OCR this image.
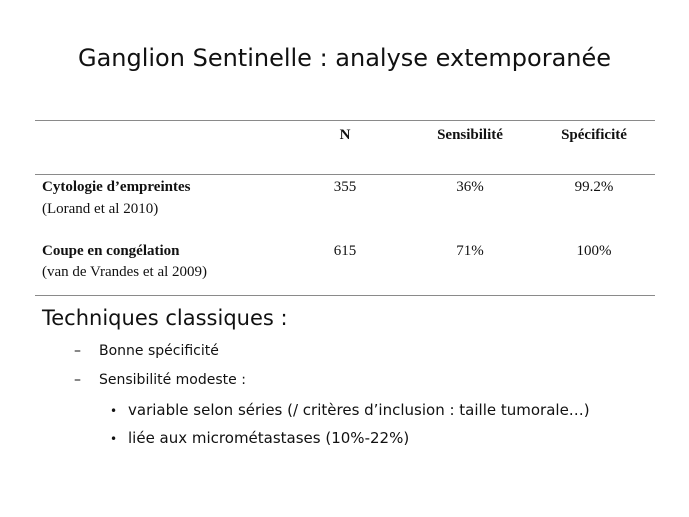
Ganglion Sentinelle : analyse extemporanée
N	Sensibilité	Spécificité
Cytologie d’empreintes
(Lorand et al 2010)
355	36%	99.2%
Coupe en congélation
(van de Vrandes et al 2009)
615	71%	100%
Techniques classiques :
– Bonne spécificité
– Sensibilité modeste :
• variable selon séries (/ critères d’inclusion : taille tumorale…)
• liée aux micrométastases (10%-22%)
